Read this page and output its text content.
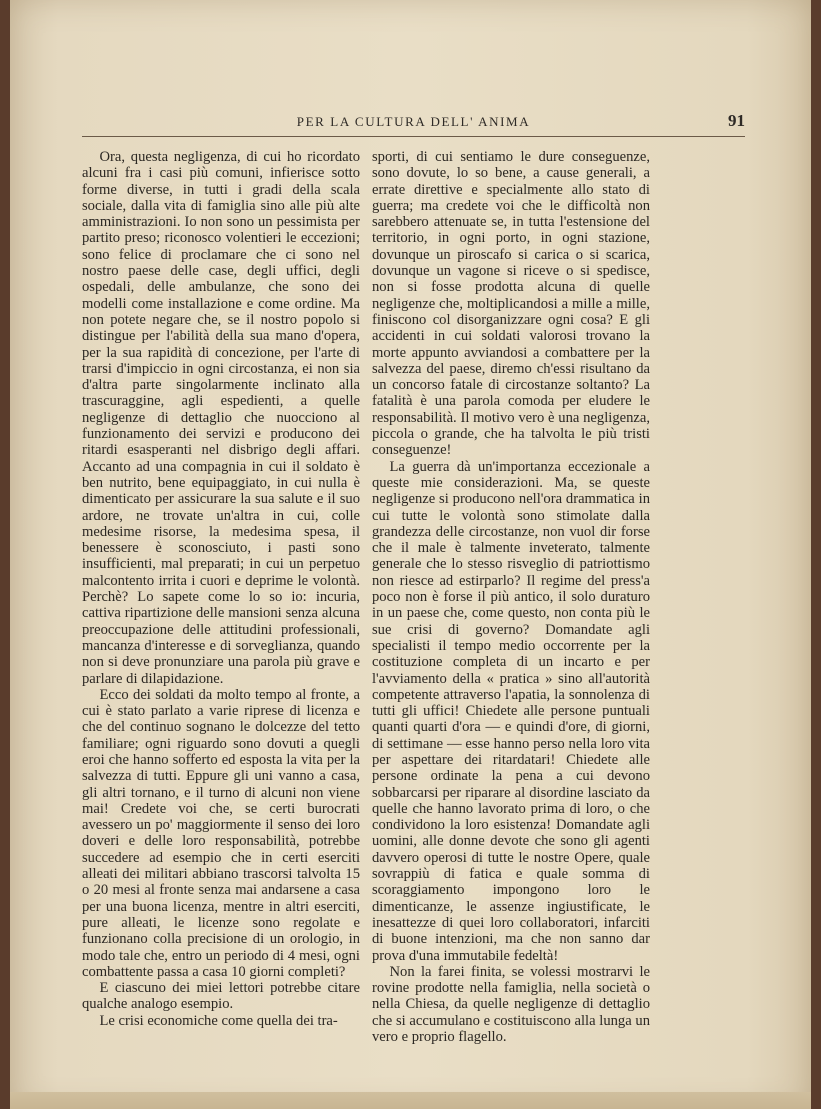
PER LA CULTURA DELL' ANIMA	91

Ora, questa negligenza, di cui ho ricordato alcuni fra i casi più comuni, infierisce sotto forme diverse, in tutti i gradi della scala sociale, dalla vita di famiglia sino alle più alte amministrazioni. Io non sono un pessimista per partito preso; riconosco volentieri le eccezioni; sono felice di proclamare che ci sono nel nostro paese delle case, degli uffici, degli ospedali, delle ambulanze, che sono dei modelli come installazione e come ordine. Ma non potete negare che, se il nostro popolo si distingue per l'abilità della sua mano d'opera, per la sua rapidità di concezione, per l'arte di trarsi d'impiccio in ogni circostanza, ei non sia d'altra parte singolarmente inclinato alla trascuraggine, agli espedienti, a quelle negligenze di dettaglio che nuocciono al funzionamento dei servizi e producono dei ritardi esasperanti nel disbrigo degli affari. Accanto ad una compagnia in cui il soldato è ben nutrito, bene equipaggiato, in cui nulla è dimenticato per assicurare la sua salute e il suo ardore, ne trovate un'altra in cui, colle medesime risorse, la medesima spesa, il benessere è sconosciuto, i pasti sono insufficienti, mal preparati; in cui un perpetuo malcontento irrita i cuori e deprime le volontà. Perchè? Lo sapete come lo so io: incuria, cattiva ripartizione delle mansioni senza alcuna preoccupazione delle attitudini professionali, mancanza d'interesse e di sorveglianza, quando non si deve pronunziare una parola più grave e parlare di dilapidazione.

Ecco dei soldati da molto tempo al fronte, a cui è stato parlato a varie riprese di licenza e che del continuo sognano le dolcezze del tetto familiare; ogni riguardo sono dovuti a quegli eroi che hanno sofferto ed esposta la vita per la salvezza di tutti. Eppure gli uni vanno a casa, gli altri tornano, e il turno di alcuni non viene mai! Credete voi che, se certi burocrati avessero un po' maggiormente il senso dei loro doveri e delle loro responsabilità, potrebbe succedere ad esempio che in certi eserciti alleati dei militari abbiano trascorsi talvolta 15 o 20 mesi al fronte senza mai andarsene a casa per una buona licenza, mentre in altri eserciti, pure alleati, le licenze sono regolate e funzionano colla precisione di un orologio, in modo tale che, entro un periodo di 4 mesi, ogni combattente passa a casa 10 giorni completi?

E ciascuno dei miei lettori potrebbe citare qualche analogo esempio.

Le crisi economiche come quella dei tra-

sporti, di cui sentiamo le dure conseguenze, sono dovute, lo so bene, a cause generali, a errate direttive e specialmente allo stato di guerra; ma credete voi che le difficoltà non sarebbero attenuate se, in tutta l'estensione del territorio, in ogni porto, in ogni stazione, dovunque un piroscafo si carica o si scarica, dovunque un vagone si riceve o si spedisce, non si fosse prodotta alcuna di quelle negligenze che, moltiplicandosi a mille a mille, finiscono col disorganizzare ogni cosa? E gli accidenti in cui soldati valorosi trovano la morte appunto avviandosi a combattere per la salvezza del paese, diremo ch'essi risultano da un concorso fatale di circostanze soltanto? La fatalità è una parola comoda per eludere le responsabilità. Il motivo vero è una negligenza, piccola o grande, che ha talvolta le più tristi conseguenze!

La guerra dà un'importanza eccezionale a queste mie considerazioni. Ma, se queste negligenze si producono nell'ora drammatica in cui tutte le volontà sono stimolate dalla grandezza delle circostanze, non vuol dir forse che il male è talmente inveterato, talmente generale che lo stesso risveglio di patriottismo non riesce ad estirparlo? Il regime del press'a poco non è forse il più antico, il solo duraturo in un paese che, come questo, non conta più le sue crisi di governo? Domandate agli specialisti il tempo medio occorrente per la costituzione completa di un incarto e per l'avviamento della « pratica » sino all'autorità competente attraverso l'apatia, la sonnolenza di tutti gli uffici! Chiedete alle persone puntuali quanti quarti d'ora — e quindi d'ore, di giorni, di settimane — esse hanno perso nella loro vita per aspettare dei ritardatari! Chiedete alle persone ordinate la pena a cui devono sobbarcarsi per riparare al disordine lasciato da quelle che hanno lavorato prima di loro, o che condividono la loro esistenza! Domandate agli uomini, alle donne devote che sono gli agenti davvero operosi di tutte le nostre Opere, quale sovrappiù di fatica e quale somma di scoraggiamento impongono loro le dimenticanze, le assenze ingiustificate, le inesattezze di quei loro collaboratori, infarciti di buone intenzioni, ma che non sanno dar prova d'una immutabile fedeltà!

Non la farei finita, se volessi mostrarvi le rovine prodotte nella famiglia, nella società o nella Chiesa, da quelle negligenze di dettaglio che si accumulano e costituiscono alla lunga un vero e proprio flagello.
